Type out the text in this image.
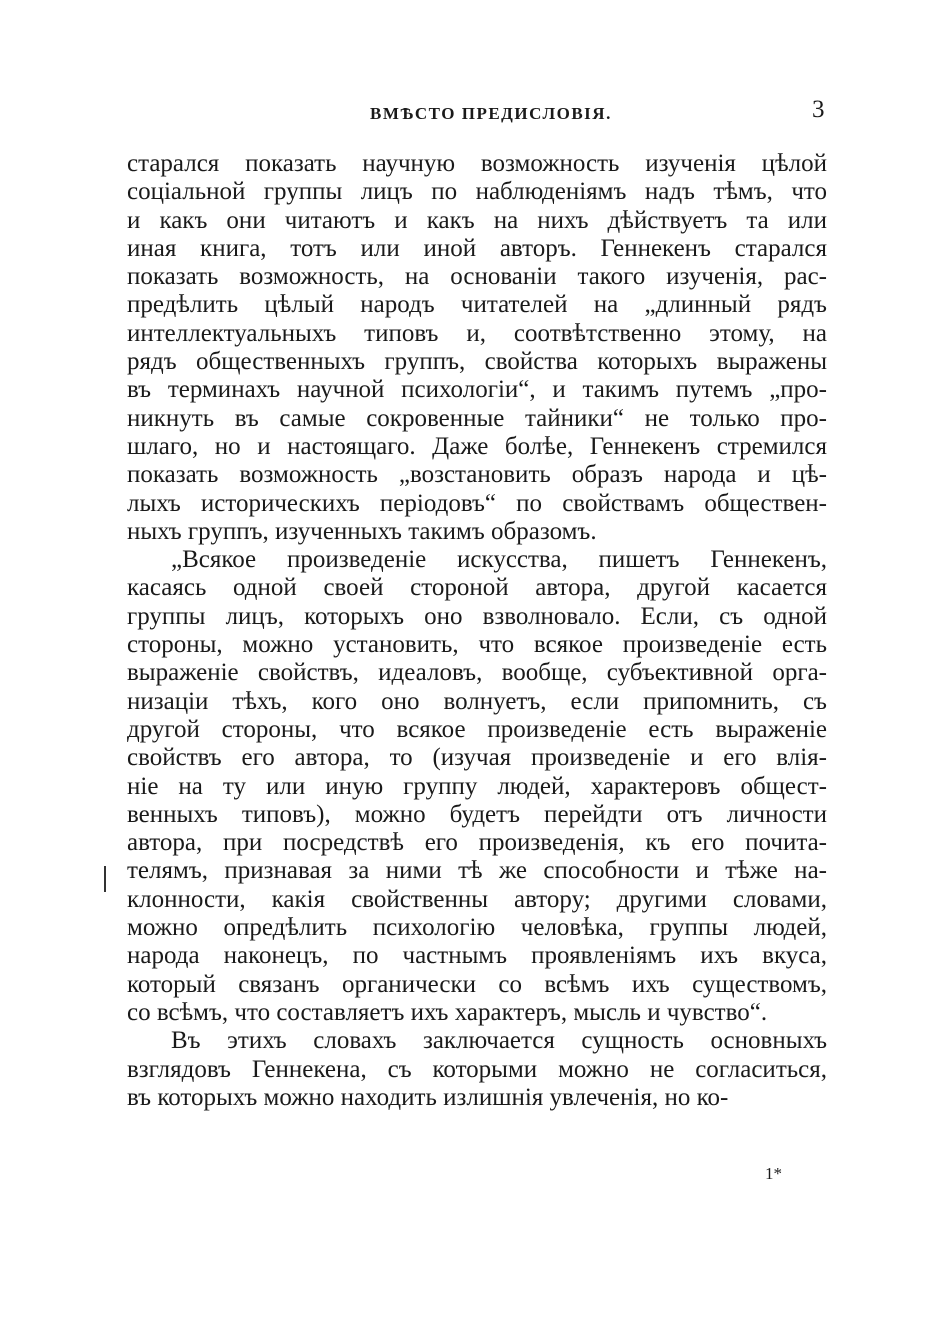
ВМѢСТО ПРЕДИСЛОВІЯ.	3
старался показать научную возможность изученія цѣлой
соціальной группы лицъ по наблюденіямъ надъ тѣмъ, что
и какъ они читаютъ и какъ на нихъ дѣйствуетъ та или
иная книга, тотъ или иной авторъ. Геннекенъ старался
показать возможность, на основаніи такого изученія, рас-
предѣлить цѣлый народъ читателей на „длинный рядъ
интеллектуальныхъ типовъ и, соотвѣтственно этому, на
рядъ общественныхъ группъ, свойства которыхъ выражены
въ терминахъ научной психологіи“, и такимъ путемъ „про-
никнуть въ самые сокровенные тайники“ не только про-
шлаго, но и настоящаго. Даже болѣе, Геннекенъ стремился
показать возможность „возстановить образъ народа и цѣ-
лыхъ историческихъ періодовъ“ по свойствамъ обществен-
ныхъ группъ, изученныхъ такимъ образомъ.
„Всякое произведеніе искусства, пишетъ Геннекенъ,
касаясь одной своей стороной автора, другой касается
группы лицъ, которыхъ оно взволновало. Если, съ одной
стороны, можно установить, что всякое произведеніе есть
выраженіе свойствъ, идеаловъ, вообще, субъективной орга-
низаціи тѣхъ, кого оно волнуетъ, если припомнить, съ
другой стороны, что всякое произведеніе есть выраженіе
свойствъ его автора, то (изучая произведеніе и его влія-
ніе на ту или иную группу людей, характеровъ общест-
венныхъ типовъ), можно будетъ перейдти отъ личности
автора, при посредствѣ его произведенія, къ его почита-
телямъ, признавая за ними тѣ же способности и тѣже на-
клонности, какія свойственны автору; другими словами,
можно опредѣлить психологію человѣка, группы людей,
народа наконецъ, по частнымъ проявленіямъ ихъ вкуса,
который связанъ органически со всѣмъ ихъ существомъ,
со всѣмъ, что составляетъ ихъ характеръ, мысль и чувство“.
Въ этихъ словахъ заключается сущность основныхъ
взглядовъ Геннекена, съ которыми можно не согласиться,
въ которыхъ можно находить излишнія увлеченія, но ко-
1*
